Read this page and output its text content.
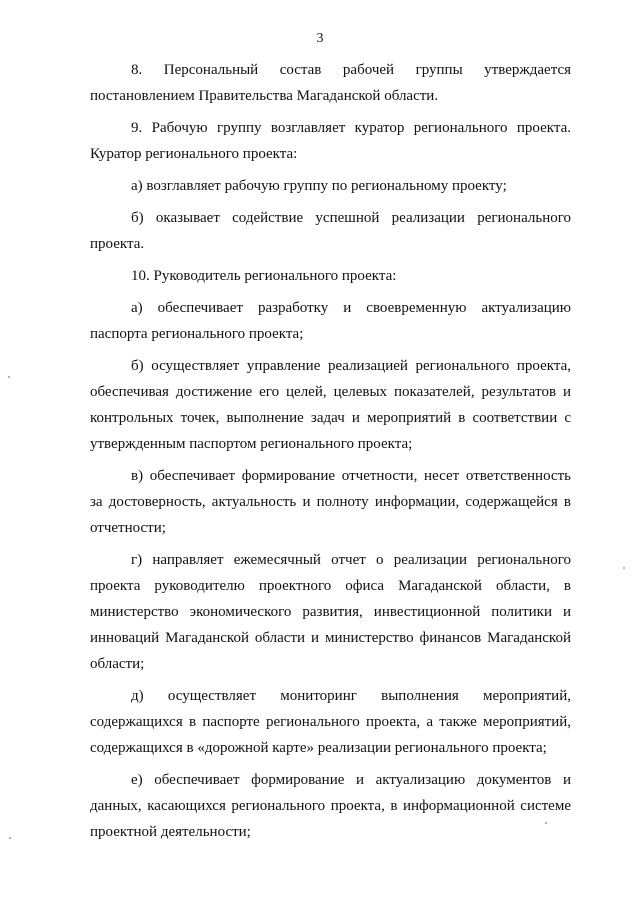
3

8.    Персональный    состав    рабочей    группы    утверждается постановлением Правительства Магаданской области.

9. Рабочую группу возглавляет куратор регионального проекта. Куратор регионального проекта:

а) возглавляет рабочую группу по региональному проекту;

б) оказывает содействие успешной реализации регионального проекта.

10. Руководитель регионального проекта:

а) обеспечивает разработку и своевременную актуализацию паспорта регионального проекта;

б) осуществляет управление реализацией регионального проекта, обеспечивая достижение его целей, целевых показателей, результатов и контрольных точек, выполнение задач и мероприятий в соответствии с утвержденным паспортом регионального проекта;

в) обеспечивает формирование отчетности, несет ответственность за достоверность, актуальность и полноту информации, содержащейся в отчетности;

г) направляет ежемесячный отчет о реализации регионального проекта руководителю проектного офиса Магаданской области, в министерство экономического развития, инвестиционной политики и инноваций Магаданской области и министерство финансов Магаданской области;

д)    осуществляет    мониторинг    выполнения    мероприятий, содержащихся в паспорте регионального проекта, а также мероприятий, содержащихся в «дорожной карте» реализации регионального проекта;

е) обеспечивает формирование и актуализацию документов и данных, касающихся регионального проекта, в информационной системе проектной деятельности;
